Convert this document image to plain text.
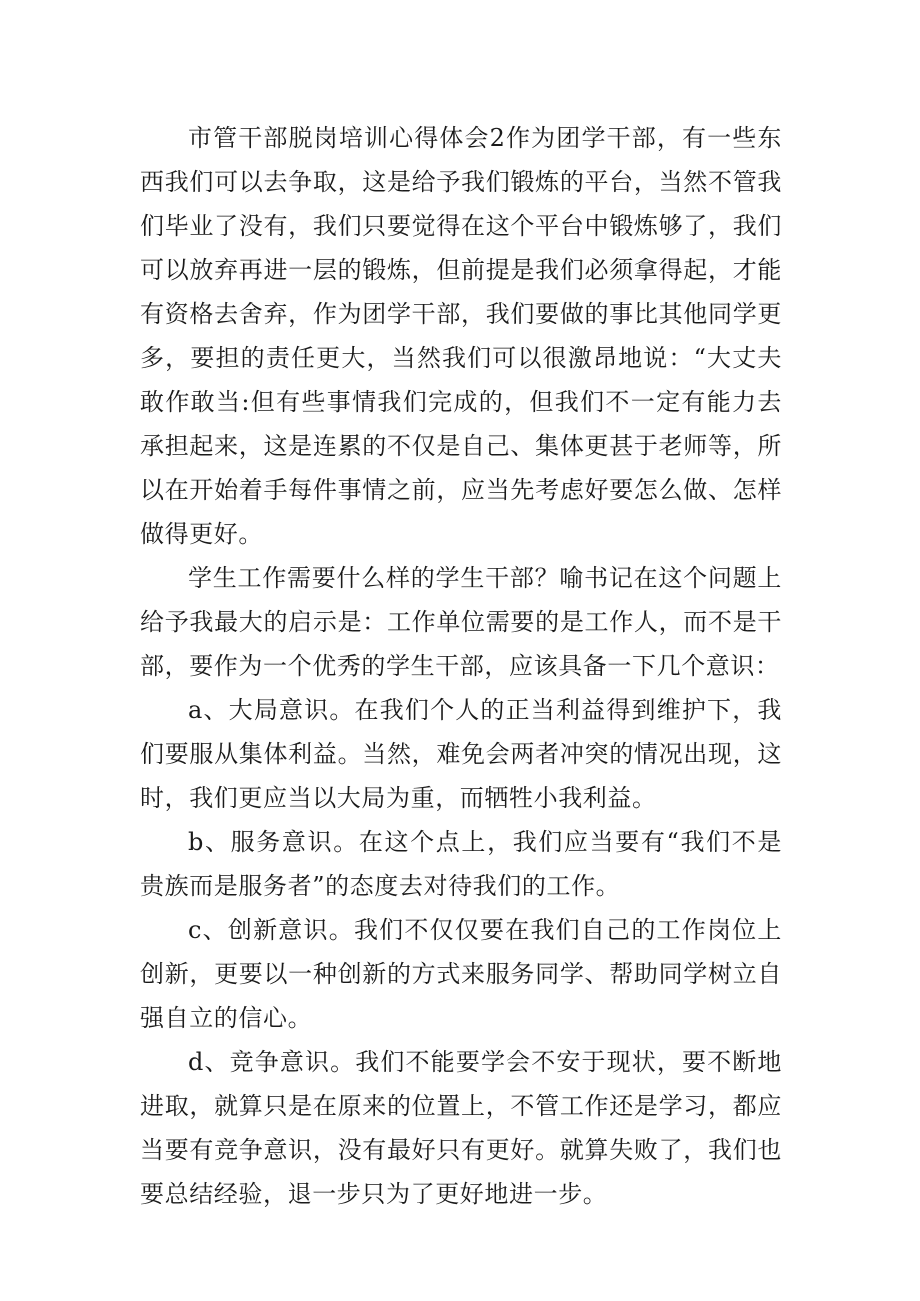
市管干部脱岗培训心得体会2作为团学干部，有一些东西我们可以去争取，这是给予我们锻炼的平台，当然不管我们毕业了没有，我们只要觉得在这个平台中锻炼够了，我们可以放弃再进一层的锻炼，但前提是我们必须拿得起，才能有资格去舍弃，作为团学干部，我们要做的事比其他同学更多，要担的责任更大，当然我们可以很激昂地说：“大丈夫敢作敢当:但有些事情我们完成的，但我们不一定有能力去承担起来，这是连累的不仅是自己、集体更甚于老师等，所以在开始着手每件事情之前，应当先考虑好要怎么做、怎样做得更好。

学生工作需要什么样的学生干部？喻书记在这个问题上给予我最大的启示是：工作单位需要的是工作人，而不是干部，要作为一个优秀的学生干部，应该具备一下几个意识：

a、大局意识。在我们个人的正当利益得到维护下，我们要服从集体利益。当然，难免会两者冲突的情况出现，这时，我们更应当以大局为重，而牺牲小我利益。

b、服务意识。在这个点上，我们应当要有“我们不是贵族而是服务者”的态度去对待我们的工作。

c、创新意识。我们不仅仅要在我们自己的工作岗位上创新，更要以一种创新的方式来服务同学、帮助同学树立自强自立的信心。

d、竞争意识。我们不能要学会不安于现状，要不断地进取，就算只是在原来的位置上，不管工作还是学习，都应当要有竞争意识，没有最好只有更好。就算失败了，我们也要总结经验，退一步只为了更好地进一步。
